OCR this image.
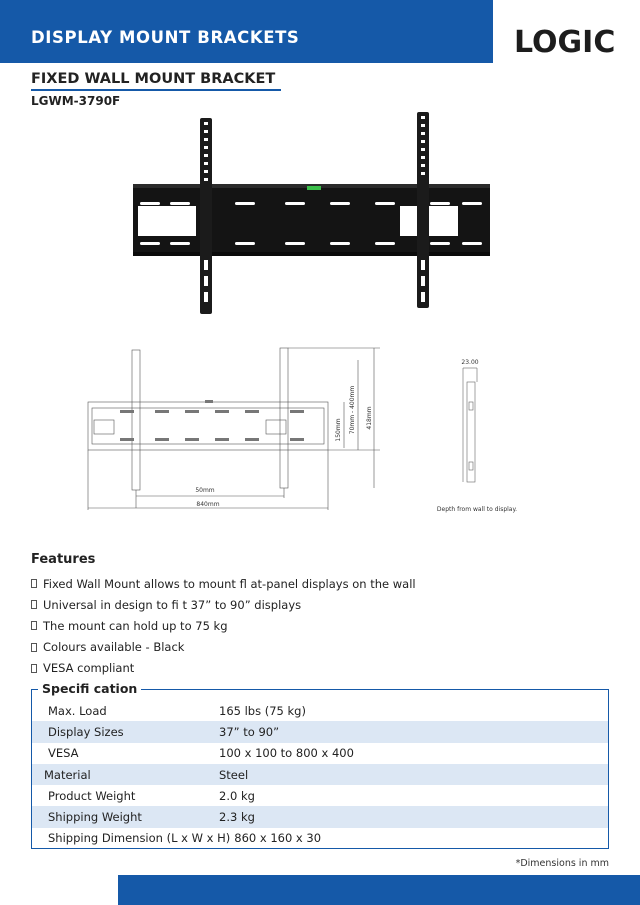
DISPLAY MOUNT BRACKETS	LOGIC
FIXED WALL MOUNT BRACKET
LGWM-3790F
50mm
840mm
150mm 70mm - 400mm 418mm
23.00
Depth from wall to display.
Features
Fixed Wall Mount allows to mount fl at-panel displays on the wall
Universal in design to fi t 37” to 90” displays
The mount can hold up to 75 kg
Colours available - Black
VESA compliant
Specifi cation
Max. Load	165 lbs (75 kg)
Display Sizes	37” to 90”
VESA	100 x 100 to 800 x 400
Material	Steel
Product Weight	2.0 kg
Shipping Weight	2.3 kg
Shipping Dimension (L x W x H) 860 x 160 x 30
*Dimensions in mm
